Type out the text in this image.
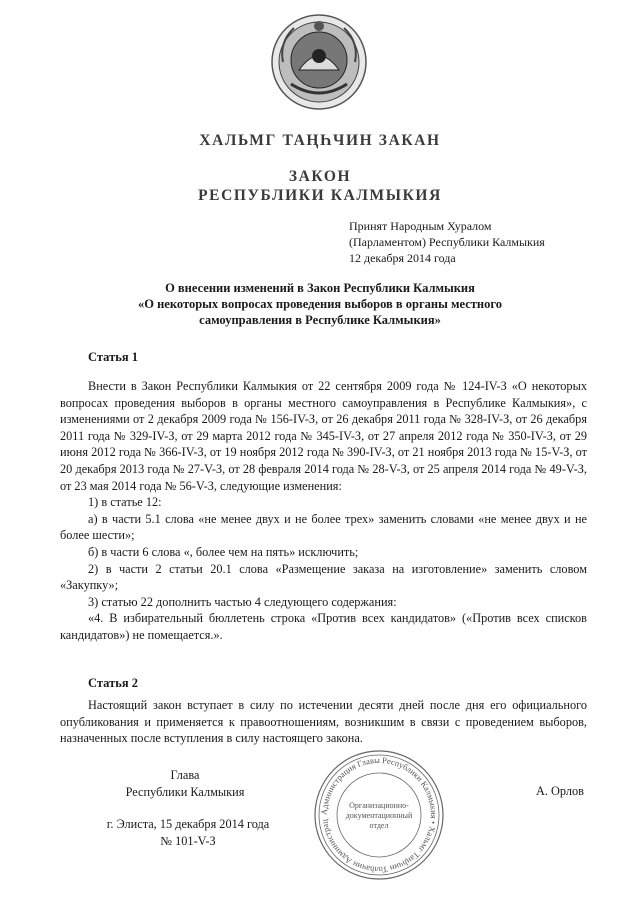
ХАЛЬМГ ТАҢҺЧИН ЗАКАН
ЗАКОН
РЕСПУБЛИКИ КАЛМЫКИЯ
Принят Народным Хуралом
(Парламентом) Республики Калмыкия
12 декабря 2014 года
О внесении изменений в Закон Республики Калмыкия
«О некоторых вопросах проведения выборов в органы местного
самоуправления в Республике Калмыкия»
Статья 1

Внести в Закон Республики Калмыкия от 22 сентября 2009 года № 124-IV-З «О некоторых вопросах проведения выборов в органы местного самоуправления в Республике Калмыкия», с изменениями от 2 декабря 2009 года № 156-IV-З, от 26 декабря 2011 года № 328-IV-З, от 26 декабря 2011 года № 329-IV-З, от 29 марта 2012 года № 345-IV-З, от 27 апреля 2012 года № 350-IV-З, от 29 июня 2012 года № 366-IV-З, от 19 ноября 2012 года № 390-IV-З, от 21 ноября 2013 года № 15-V-З, от 20 декабря 2013 года № 27-V-З, от 28 февраля 2014 года № 28-V-З, от 25 апреля 2014 года № 49-V-З, от 23 мая 2014 года № 56-V-З, следующие изменения:

1) в статье 12:

а) в части 5.1 слова «не менее двух и не более трех» заменить словами «не менее двух и не более шести»;

б) в части 6 слова «, более чем на пять» исключить;

2) в части 2 статьи 20.1 слова «Размещение заказа на изготовление» заменить словом «Закупку»;

3) статью 22 дополнить частью 4 следующего содержания:

«4. В избирательный бюллетень строка «Против всех кандидатов» («Против всех списков кандидатов») не помещается.».

Статья 2

Настоящий закон вступает в силу по истечении десяти дней после дня его официального опубликования и применяется к правоотношениям, возникшим в связи с проведением выборов, назначенных после вступления в силу настоящего закона.

Глава
Республики Калмыкия	А. Орлов
г. Элиста, 15 декабря 2014 года
№ 101-V-З
Администрация Главы Республики Калмыкия • Хальмг Таңһчин Толһачин Администрац
Организационно-
документационный
отдел
